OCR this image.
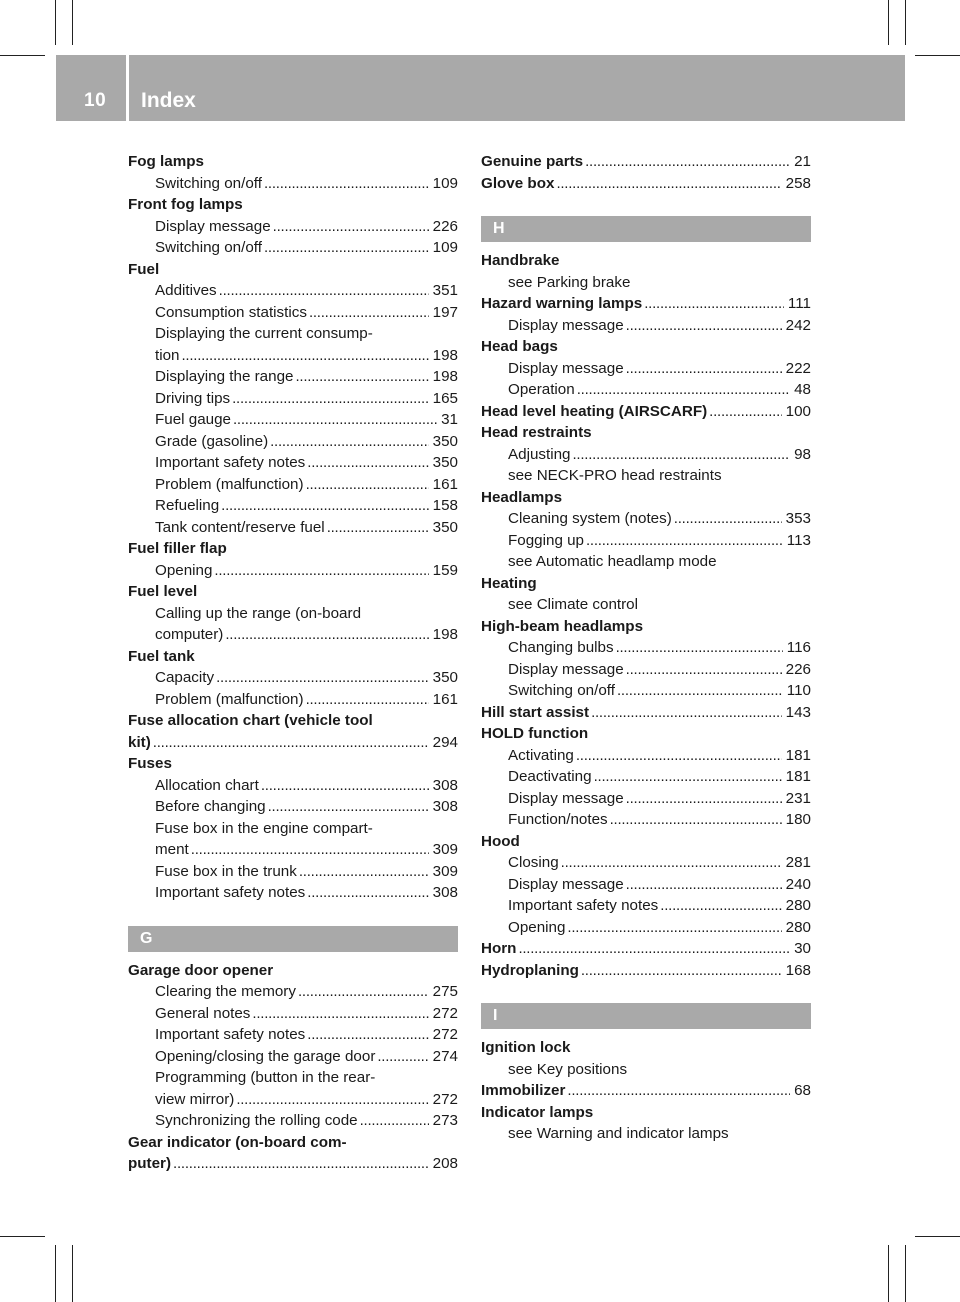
10 Index
Fog lamps
Switching on/off . . .	109
Front fog lamps
Display message . . .	226
Switching on/off . . .	109
Fuel
Additives . . .	351
Consumption statistics . . .	197
Displaying the current consump-
tion . . .	198
Displaying the range . . .	198
Driving tips . . .	165
Fuel gauge . . .	31
Grade (gasoline) . . .	350
Important safety notes . . .	350
Problem (malfunction) . . .	161
Refueling . . .	158
Tank content/reserve fuel . . .	350
Fuel filler flap
Opening . . .	159
Fuel level
Calling up the range (on-board
computer) . . .	198
Fuel tank
Capacity . . .	350
Problem (malfunction) . . .	161
Fuse allocation chart (vehicle tool
kit) . . .	294
Fuses
Allocation chart . . .	308
Before changing . . .	308
Fuse box in the engine compart-
ment . . .	309
Fuse box in the trunk . . .	309
Important safety notes . . .	308
G
Garage door opener
Clearing the memory . . .	275
General notes . . .	272
Important safety notes . . .	272
Opening/closing the garage door . . .	274
Programming (button in the rear-
view mirror) . . .	272
Synchronizing the rolling code . . .	273
Gear indicator (on-board com-
puter) . . .	208
Genuine parts . . .	21
Glove box . . .	258
H
Handbrake
see Parking brake
Hazard warning lamps . . .	111
Display message . . .	242
Head bags
Display message . . .	222
Operation . . .	48
Head level heating (AIRSCARF) . . .	100
Head restraints
Adjusting . . .	98
see NECK-PRO head restraints
Headlamps
Cleaning system (notes) . . .	353
Fogging up . . .	113
see Automatic headlamp mode
Heating
see Climate control
High-beam headlamps
Changing bulbs . . .	116
Display message . . .	226
Switching on/off . . .	110
Hill start assist . . .	143
HOLD function
Activating . . .	181
Deactivating . . .	181
Display message . . .	231
Function/notes . . .	180
Hood
Closing . . .	281
Display message . . .	240
Important safety notes . . .	280
Opening . . .	280
Horn . . .	30
Hydroplaning . . .	168
I
Ignition lock
see Key positions
Immobilizer . . .	68
Indicator lamps
see Warning and indicator lamps
